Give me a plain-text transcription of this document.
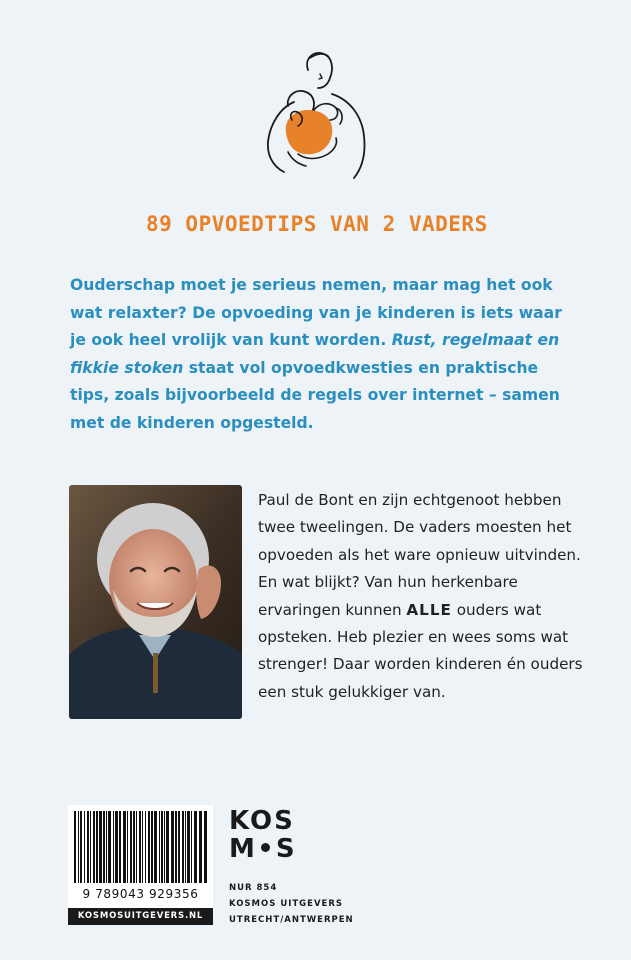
89 OPVOEDTIPS VAN 2 VADERS

Ouderschap moet je serieus nemen, maar mag het ook wat relaxter? De opvoeding van je kinderen is iets waar je ook heel vrolijk van kunt worden. Rust, regelmaat en fikkie stoken staat vol opvoedkwesties en praktische tips, zoals bijvoorbeeld de regels over internet – samen met de kinderen opgesteld.

Paul de Bont en zijn echtgenoot hebben twee tweelingen. De vaders moesten het opvoeden als het ware opnieuw uitvinden. En wat blijkt? Van hun herkenbare ervaringen kunnen ALLE ouders wat opsteken. Heb plezier en wees soms wat strenger! Daar worden kinderen én ouders een stuk gelukkiger van.

9 789043 929356
KOSMOSUITGEVERS.NL
KOS
M S
NUR 854
KOSMOS UITGEVERS
UTRECHT/ANTWERPEN
